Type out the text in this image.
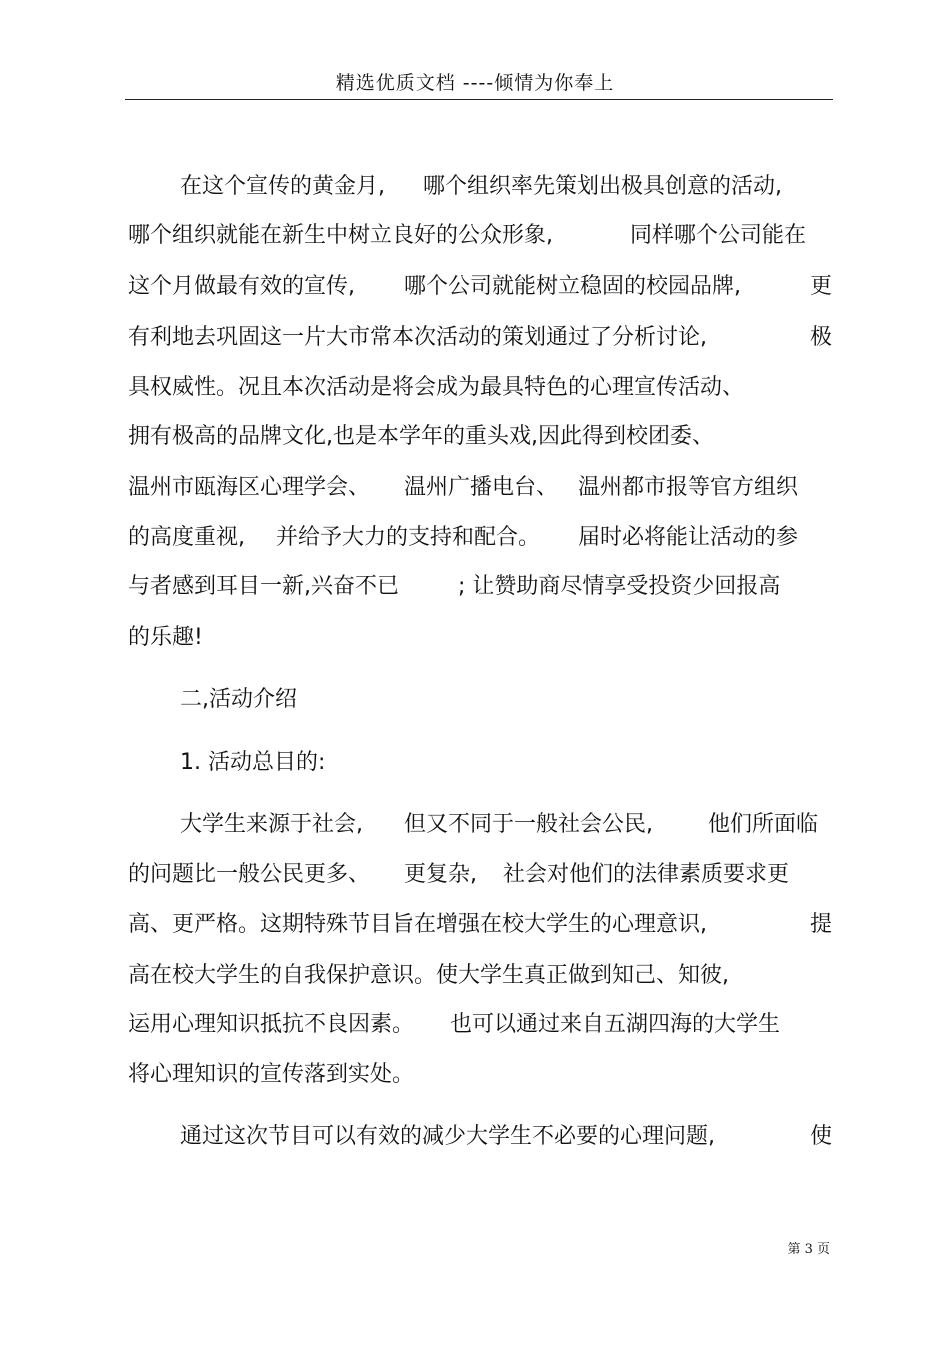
精选优质文档 ----倾情为你奉上
在这个宣传的黄金月, 哪个组织率先策划出极具创意的活动,
哪个组织就能在新生中树立良好的公众形象,	同样哪个公司能在
这个月做最有效的宣传, 哪个公司就能树立稳固的校园品牌,	更
有利地去巩固这一片大市常本次活动的策划通过了分析讨论,	极
具权威性。况且本次活动是将会成为最具特色的心理宣传活动、
拥有极高的品牌文化,也是本学年的重头戏,因此得到校团委、
温州市瓯海区心理学会、 温州广播电台、 温州都市报等官方组织
的高度重视, 并给予大力的支持和配合。 届时必将能让活动的参
与者感到耳目一新,兴奋不已	; 让赞助商尽情享受投资少回报高
的乐趣!
二,活动介绍
1. 活动总目的:
大学生来源于社会, 但又不同于一般社会公民,	他们所面临
的问题比一般公民更多、 更复杂, 社会对他们的法律素质要求更
高、更严格。这期特殊节目旨在增强在校大学生的心理意识,	提
高在校大学生的自我保护意识。使大学生真正做到知己、知彼,
运用心理知识抵抗不良因素。 也可以通过来自五湖四海的大学生
将心理知识的宣传落到实处。
通过这次节目可以有效的减少大学生不必要的心理问题,	使
第 3 页
